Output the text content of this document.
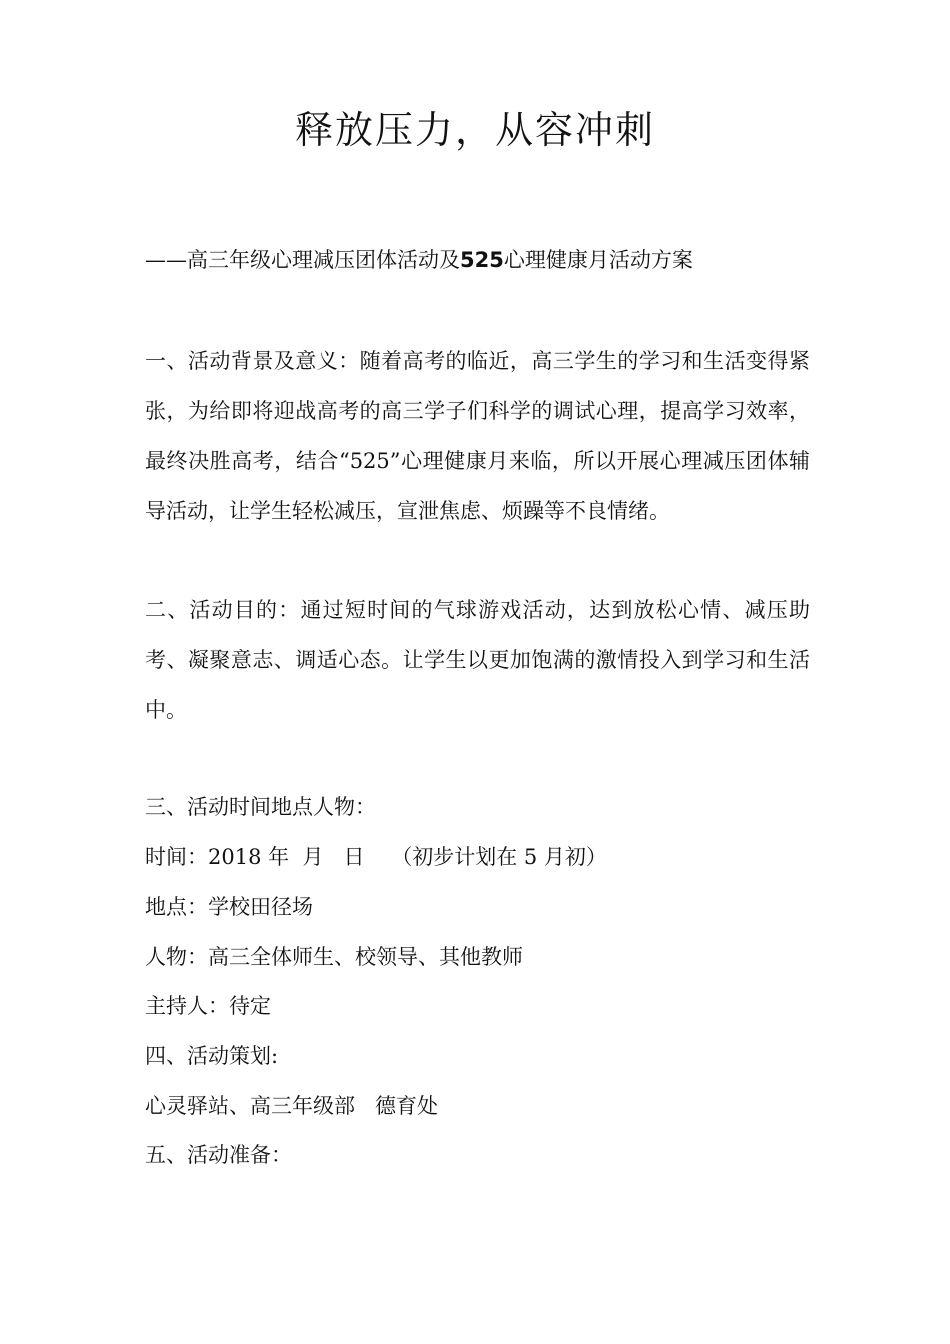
释放压力，从容冲刺

——高三年级心理减压团体活动及525心理健康月活动方案

一、活动背景及意义：随着高考的临近，高三学生的学习和生活变得紧张，为给即将迎战高考的高三学子们科学的调试心理，提高学习效率，最终决胜高考，结合“525”心理健康月来临，所以开展心理减压团体辅导活动，让学生轻松减压，宣泄焦虑、烦躁等不良情绪。

二、活动目的：通过短时间的气球游戏活动，达到放松心情、减压助考、凝聚意志、调适心态。让学生以更加饱满的激情投入到学习和生活中。

三、活动时间地点人物：

时间：2018 年  月   日    （初步计划在 5 月初）

地点：学校田径场

人物：高三全体师生、校领导、其他教师

主持人：待定

四、活动策划:

心灵驿站、高三年级部   德育处

五、活动准备：
